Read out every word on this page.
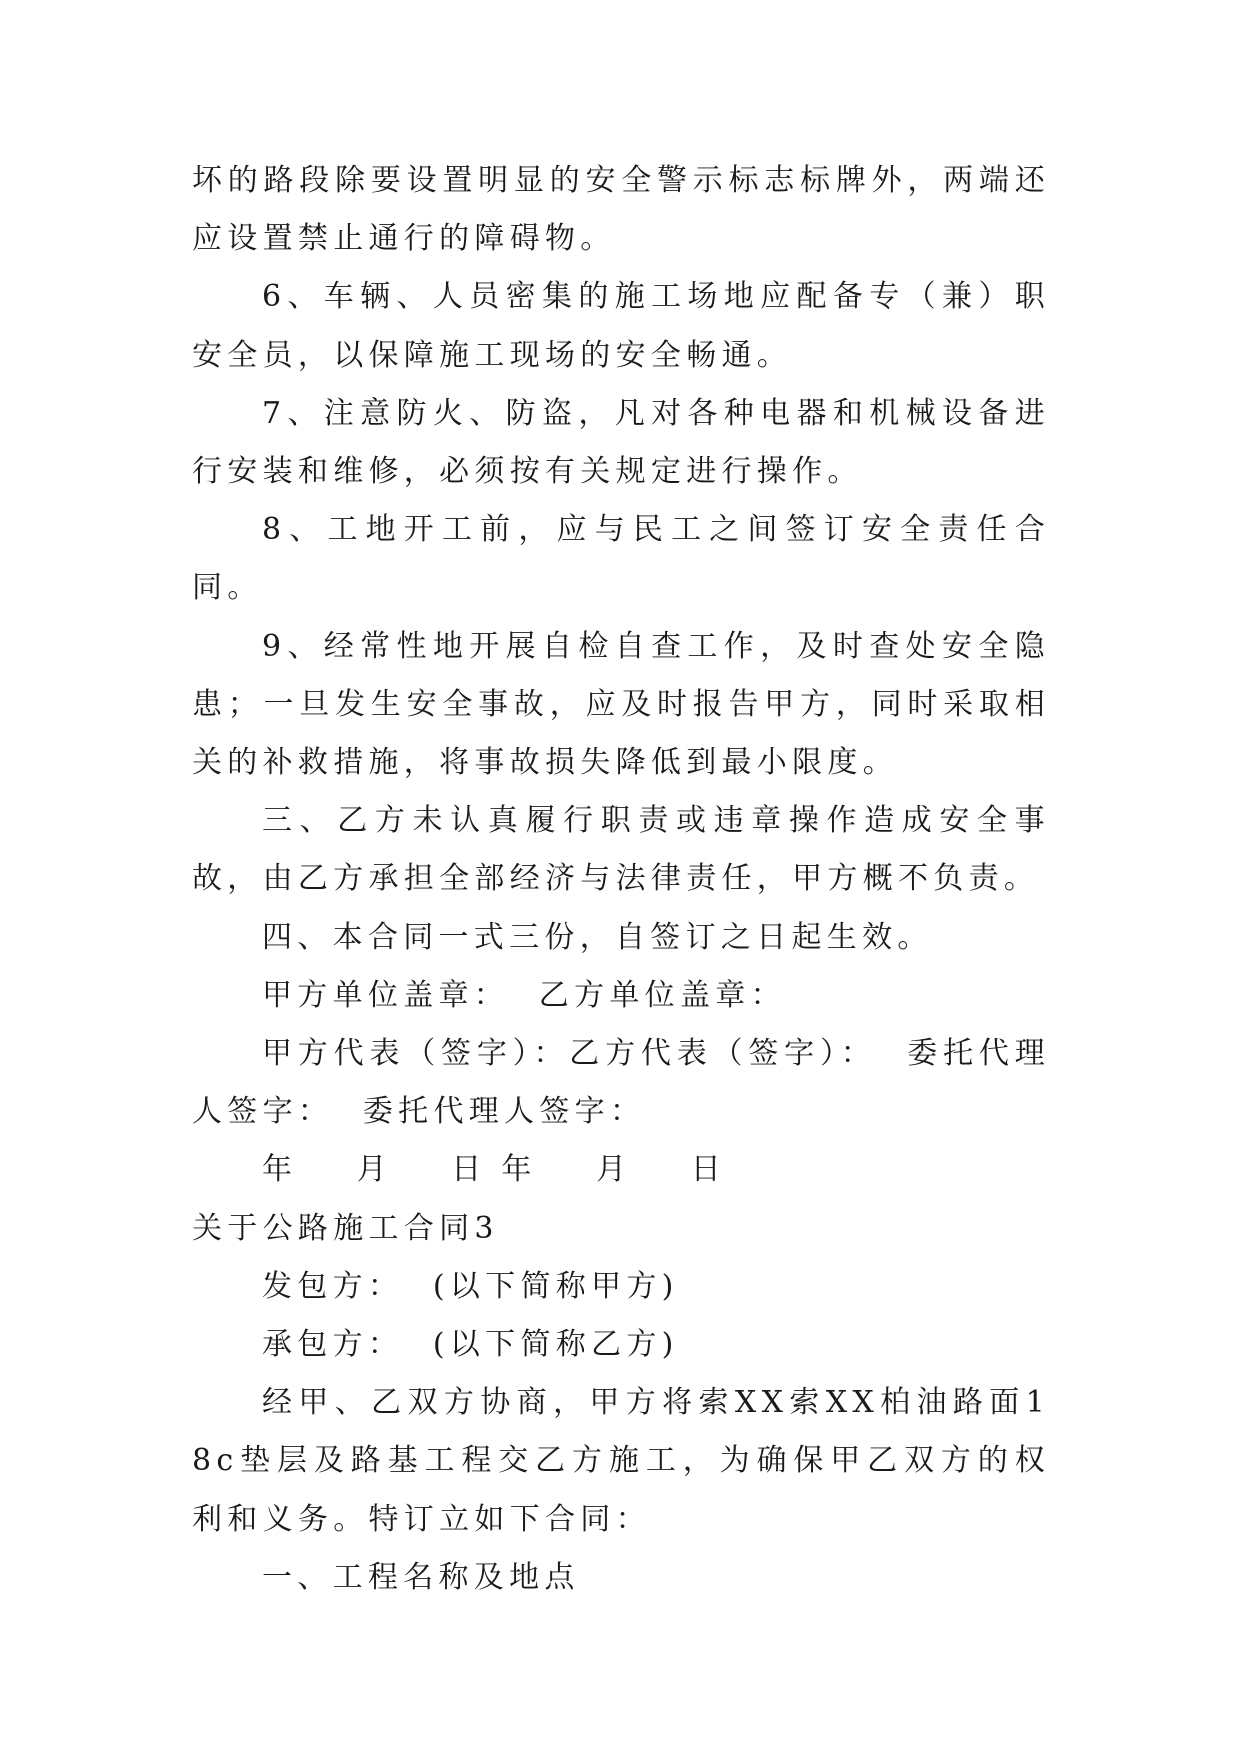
坏的路段除要设置明显的安全警示标志标牌外，两端还应设置禁止通行的障碍物。

6、车辆、人员密集的施工场地应配备专（兼）职安全员，以保障施工现场的安全畅通。

7、注意防火、防盗，凡对各种电器和机械设备进行安装和维修，必须按有关规定进行操作。

8、工地开工前，应与民工之间签订安全责任合同。

9、经常性地开展自检自查工作，及时查处安全隐患；一旦发生安全事故，应及时报告甲方，同时采取相关的补救措施，将事故损失降低到最小限度。

三、乙方未认真履行职责或违章操作造成安全事故，由乙方承担全部经济与法律责任，甲方概不负责。

四、本合同一式三份，自签订之日起生效。

甲方单位盖章：  乙方单位盖章：

甲方代表（签字）：乙方代表（签字）：  委托代理人签字：  委托代理人签字：

年    月    日 年    月    日

关于公路施工合同3

发包方：  (以下简称甲方)

承包方：  (以下简称乙方)

经甲、乙双方协商，甲方将索XX索XX柏油路面18c垫层及路基工程交乙方施工，为确保甲乙双方的权利和义务。特订立如下合同：

一、工程名称及地点
